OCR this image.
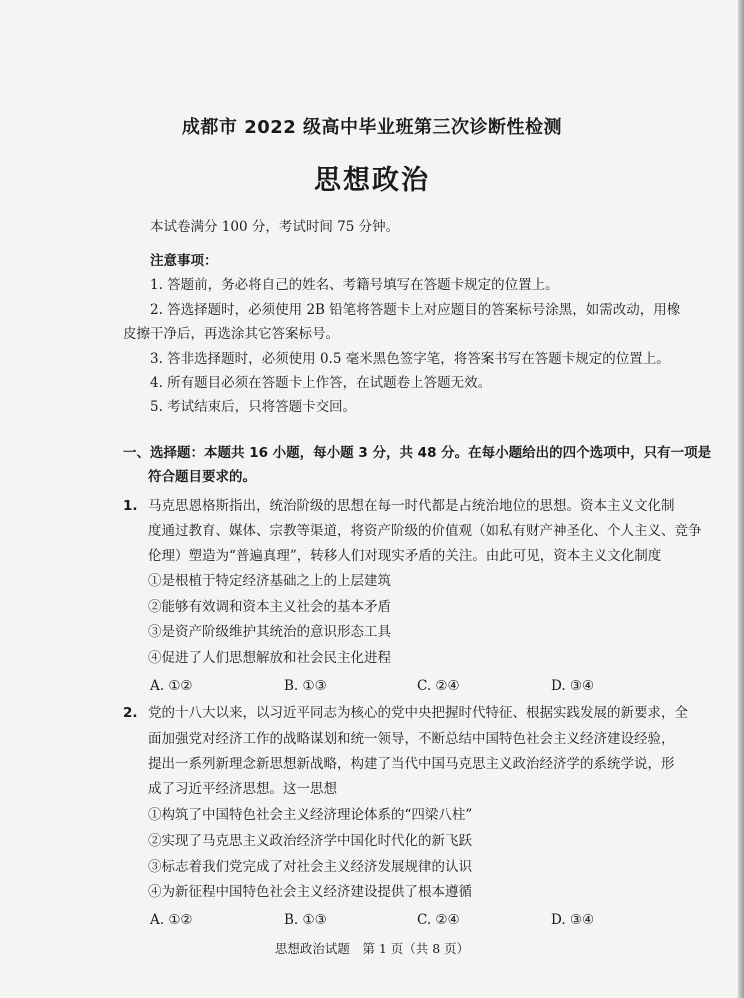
成都市 2022 级高中毕业班第三次诊断性检测
思想政治
本试卷满分 100 分，考试时间 75 分钟。
注意事项：
1. 答题前，务必将自己的姓名、考籍号填写在答题卡规定的位置上。
2. 答选择题时，必须使用 2B 铅笔将答题卡上对应题目的答案标号涂黑，如需改动，用橡
皮擦干净后，再选涂其它答案标号。
3. 答非选择题时，必须使用 0.5 毫米黑色签字笔，将答案书写在答题卡规定的位置上。
4. 所有题目必须在答题卡上作答，在试题卷上答题无效。
5. 考试结束后，只将答题卡交回。
一、选择题：本题共 16 小题，每小题 3 分，共 48 分。在每小题给出的四个选项中，只有一项是
符合题目要求的。
1. 马克思恩格斯指出，统治阶级的思想在每一时代都是占统治地位的思想。资本主义文化制
度通过教育、媒体、宗教等渠道，将资产阶级的价值观（如私有财产神圣化、个人主义、竞争
伦理）塑造为“普遍真理”，转移人们对现实矛盾的关注。由此可见，资本主义文化制度
①是根植于特定经济基础之上的上层建筑
②能够有效调和资本主义社会的基本矛盾
③是资产阶级维护其统治的意识形态工具
④促进了人们思想解放和社会民主化进程
A. ①②	B. ①③	C. ②④	D. ③④
2. 党的十八大以来，以习近平同志为核心的党中央把握时代特征、根据实践发展的新要求，全
面加强党对经济工作的战略谋划和统一领导，不断总结中国特色社会主义经济建设经验，
提出一系列新理念新思想新战略，构建了当代中国马克思主义政治经济学的系统学说，形
成了习近平经济思想。这一思想
①构筑了中国特色社会主义经济理论体系的“四梁八柱”
②实现了马克思主义政治经济学中国化时代化的新飞跃
③标志着我们党完成了对社会主义经济发展规律的认识
④为新征程中国特色社会主义经济建设提供了根本遵循
A. ①②	B. ①③	C. ②④	D. ③④
思想政治试题　第 1 页（共 8 页）
